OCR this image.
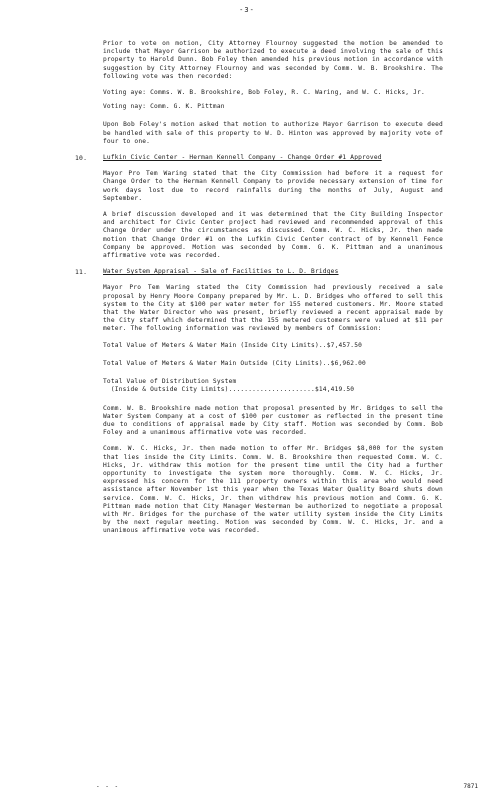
-3-

Prior to vote on motion, City Attorney Flournoy suggested the motion be amended to include that Mayor Garrison be authorized to execute a deed involving the sale of this property to Harold Dunn. Bob Foley then amended his previous motion in accordance with suggestion by City Attorney Flournoy and was seconded by Comm. W. B. Brookshire. The following vote was then recorded:

Voting aye: Comms. W. B. Brookshire, Bob Foley, R. C. Waring, and W. C. Hicks, Jr.
Voting nay: Comm. G. K. Pittman

Upon Bob Foley's motion asked that motion to authorize Mayor Garrison to execute deed be handled with sale of this property to W. D. Hinton was approved by majority vote of four to one.

10.	Lufkin Civic Center - Herman Kennell Company - Change Order #1 Approved

Mayor Pro Tem Waring stated that the City Commission had before it a request for Change Order to the Herman Kennell Company to provide necessary extension of time for work days lost due to record rainfalls during the months of July, August and September.

A brief discussion developed and it was determined that the City Building Inspector and architect for Civic Center project had reviewed and recommended approval of this Change Order under the circumstances as discussed. Comm. W. C. Hicks, Jr. then made motion that Change Order #1 on the Lufkin Civic Center contract of by Kennell Fence Company be approved. Motion was seconded by Comm. G. K. Pittman and a unanimous affirmative vote was recorded.

11.	Water System Appraisal - Sale of Facilities to L. D. Bridges

Mayor Pro Tem Waring stated the City Commission had previously received a sale proposal by Henry Moore Company prepared by Mr. L. D. Bridges who offered to sell this system to the City at $100 per water meter for 155 metered customers. Mr. Moore stated that the Water Director who was present, briefly reviewed a recent appraisal made by the City staff which determined that the 155 metered customers were valued at $11 per meter. The following information was reviewed by members of Commission:

Total Value of Meters & Water Main (Inside City Limits)..$7,457.50
Total Value of Meters & Water Main Outside (City Limits)..$6,962.00
Total Value of Distribution System
(Inside & Outside City Limits)......................$14,419.50

Comm. W. B. Brookshire made motion that proposal presented by Mr. Bridges to sell the Water System Company at a cost of $100 per customer as reflected in the present time due to conditions of appraisal made by City staff. Motion was seconded by Comm. Bob Foley and a unanimous affirmative vote was recorded.

Comm. W. C. Hicks, Jr. then made motion to offer Mr. Bridges $8,000 for the system that lies inside the City Limits. Comm. W. B. Brookshire then requested Comm. W. C. Hicks, Jr. withdraw this motion for the present time until the City had a further opportunity to investigate the system more thoroughly. Comm. W. C. Hicks, Jr. expressed his concern for the 111 property owners within this area who would need assistance after November 1st this year when the Texas Water Quality Board shuts down service. Comm. W. C. Hicks, Jr. then withdrew his previous motion and Comm. G. K. Pittman made motion that City Manager Westerman be authorized to negotiate a proposal with Mr. Bridges for the purchase of the water utility system inside the City Limits by the next regular meeting. Motion was seconded by Comm. W. C. Hicks, Jr. and a unanimous affirmative vote was recorded.

- - -	7871
